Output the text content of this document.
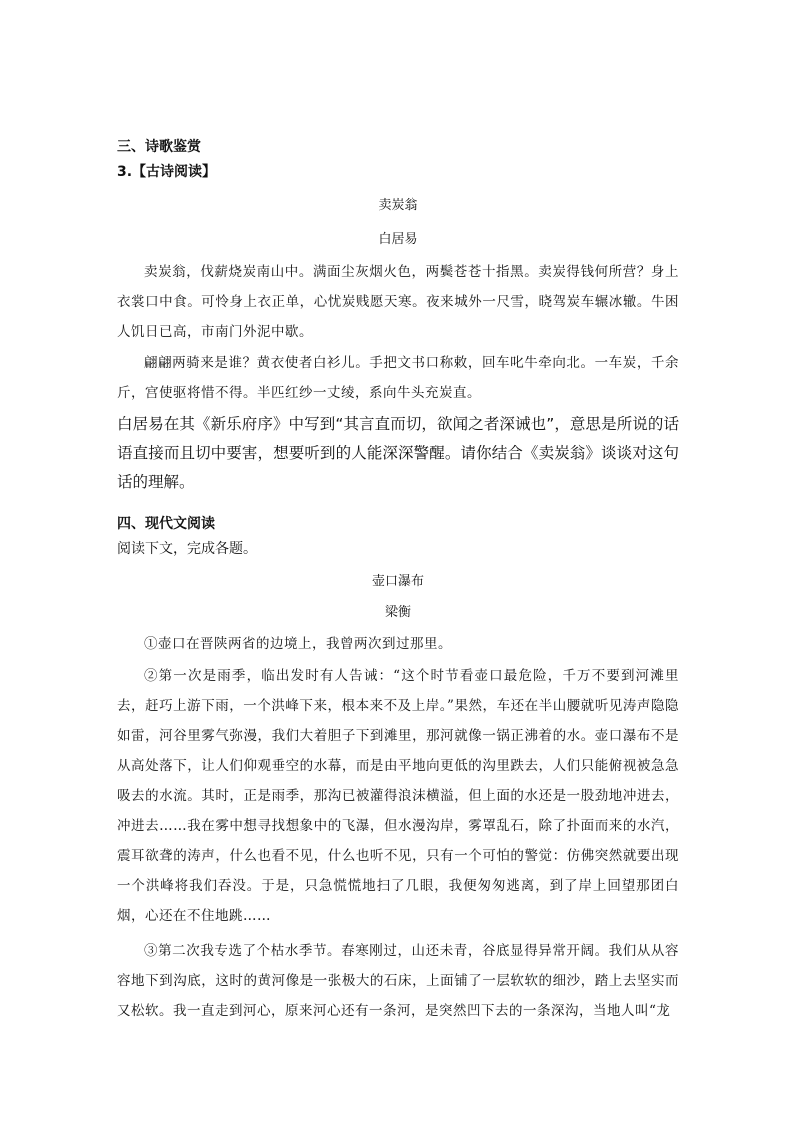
三、诗歌鉴赏

3.【古诗阅读】

卖炭翁

白居易

卖炭翁，伐薪烧炭南山中。满面尘灰烟火色，两鬓苍苍十指黑。卖炭得钱何所营？身上衣裳口中食。可怜身上衣正单，心忧炭贱愿天寒。夜来城外一尺雪，晓驾炭车辗冰辙。牛困人饥日已高，市南门外泥中歇。

翩翩两骑来是谁？黄衣使者白衫儿。手把文书口称敕，回车叱牛牵向北。一车炭，千余斤，宫使驱将惜不得。半匹红纱一丈绫，系向牛头充炭直。

白居易在其《新乐府序》中写到“其言直而切，欲闻之者深诫也”，意思是所说的话语直接而且切中要害，想要听到的人能深深警醒。请你结合《卖炭翁》谈谈对这句话的理解。

四、现代文阅读

阅读下文，完成各题。

壶口瀑布

梁衡

①壶口在晋陕两省的边境上，我曾两次到过那里。

②第一次是雨季，临出发时有人告诫：“这个时节看壶口最危险，千万不要到河滩里去，赶巧上游下雨，一个洪峰下来，根本来不及上岸。”果然，车还在半山腰就听见涛声隐隐如雷，河谷里雾气弥漫，我们大着胆子下到滩里，那河就像一锅正沸着的水。壶口瀑布不是从高处落下，让人们仰观垂空的水幕，而是由平地向更低的沟里跌去，人们只能俯视被急急吸去的水流。其时，正是雨季，那沟已被灌得浪沫横溢，但上面的水还是一股劲地冲进去，冲进去……我在雾中想寻找想象中的飞瀑，但水漫沟岸，雾罩乱石，除了扑面而来的水汽，震耳欲聋的涛声，什么也看不见，什么也听不见，只有一个可怕的警觉：仿佛突然就要出现一个洪峰将我们吞没。于是，只急慌慌地扫了几眼，我便匆匆逃离，到了岸上回望那团白烟，心还在不住地跳……

③第二次我专选了个枯水季节。春寒刚过，山还未青，谷底显得异常开阔。我们从从容容地下到沟底，这时的黄河像是一张极大的石床，上面铺了一层软软的细沙，踏上去坚实而又松软。我一直走到河心，原来河心还有一条河，是突然凹下去的一条深沟，当地人叫“龙
